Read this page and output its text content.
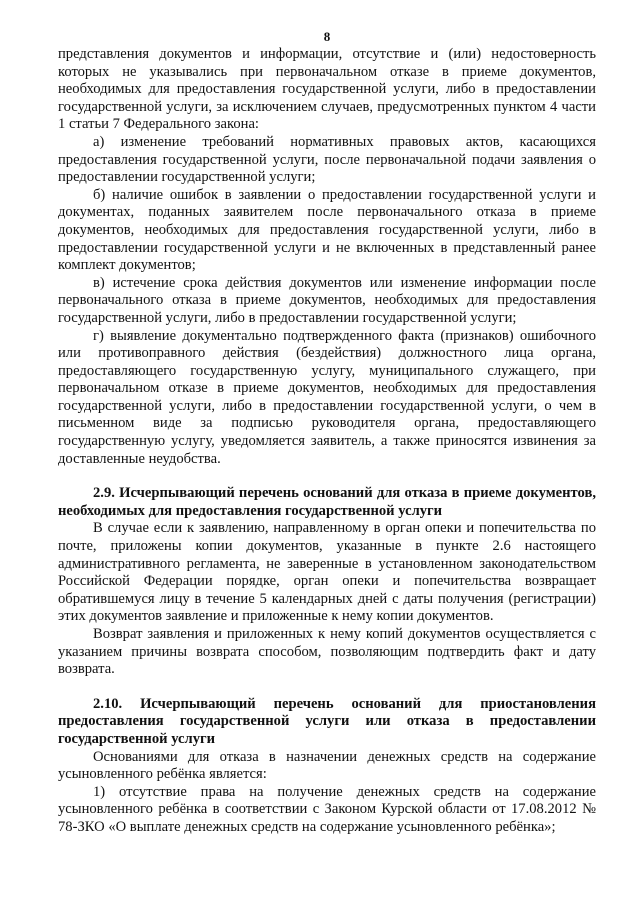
8

представления документов и информации, отсутствие и (или) недостоверность которых не указывались при первоначальном отказе в приеме документов, необходимых для предоставления государственной услуги, либо в предоставлении государственной услуги, за исключением случаев, предусмотренных пунктом 4 части 1 статьи 7 Федерального закона:

а) изменение требований нормативных правовых актов, касающихся предоставления государственной услуги, после первоначальной подачи заявления о предоставлении государственной услуги;

б) наличие ошибок в заявлении о предоставлении государственной услуги и документах, поданных заявителем после первоначального отказа в приеме документов, необходимых для предоставления государственной услуги, либо в предоставлении государственной услуги и не включенных в представленный ранее комплект документов;

в) истечение срока действия документов или изменение информации после первоначального отказа в приеме документов, необходимых для предоставления государственной услуги, либо в предоставлении государственной услуги;

г) выявление документально подтвержденного факта (признаков) ошибочного или противоправного действия (бездействия) должностного лица органа, предоставляющего государственную услугу, муниципального служащего, при первоначальном отказе в приеме документов, необходимых для предоставления государственной услуги, либо в предоставлении государственной услуги, о чем в письменном виде за подписью руководителя органа, предоставляющего государственную услугу, уведомляется заявитель, а также приносятся извинения за доставленные неудобства.

2.9. Исчерпывающий перечень оснований для отказа в приеме документов, необходимых для предоставления государственной услуги

В случае если к заявлению, направленному в орган опеки и попечительства по почте, приложены копии документов, указанные в пункте 2.6 настоящего административного регламента, не заверенные в установленном законодательством Российской Федерации порядке, орган опеки и попечительства возвращает обратившемуся лицу в течение 5 календарных дней с даты получения (регистрации) этих документов заявление и приложенные к нему копии документов.

Возврат заявления и приложенных к нему копий документов осуществляется с указанием причины возврата способом, позволяющим подтвердить факт и дату возврата.

2.10. Исчерпывающий перечень оснований для приостановления предоставления государственной услуги или отказа в предоставлении государственной услуги

Основаниями для отказа в назначении денежных средств на содержание усыновленного ребёнка является:

1) отсутствие права на получение денежных средств на содержание усыновленного ребёнка в соответствии с Законом Курской области от 17.08.2012 № 78-ЗКО «О выплате денежных средств на содержание усыновленного ребёнка»;
